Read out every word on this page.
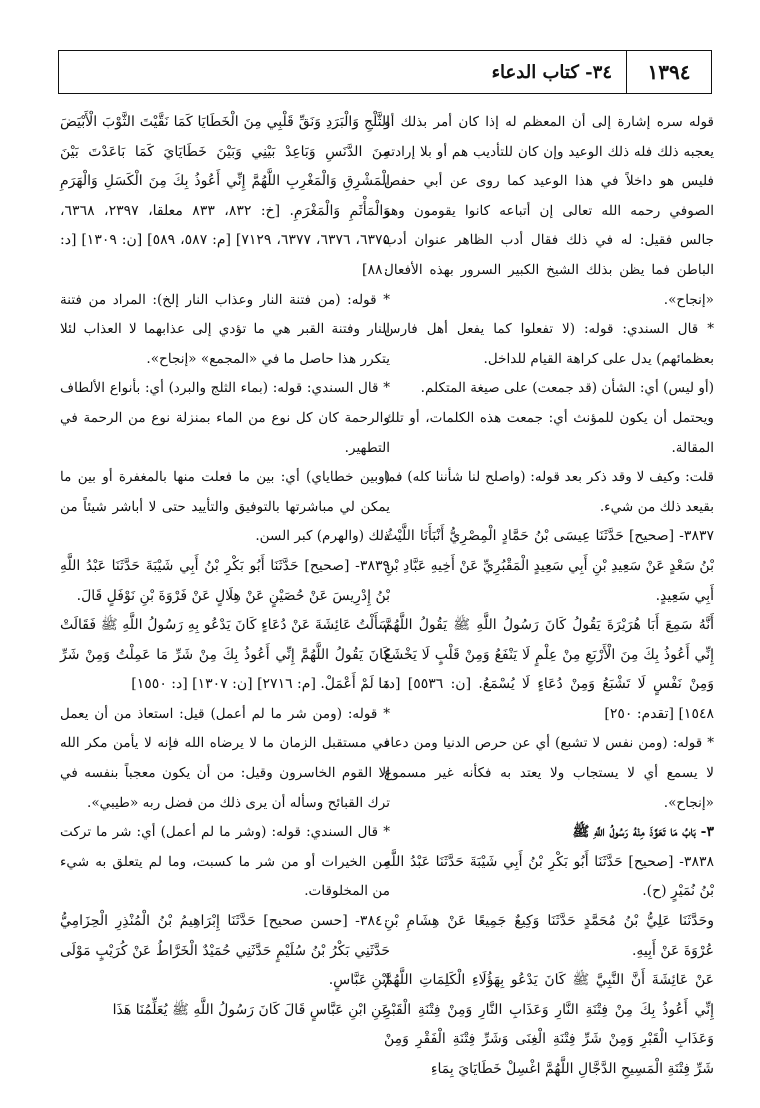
١٣٩٤
٣٤- كتاب الدعاء

قوله سره إشارة إلى أن المعظم له إذا كان أمر بذلك أو يعجبه ذلك فله ذلك الوعيد وإن كان للتأديب هم أو بلا إرادته فليس هو داخلاً في هذا الوعيد كما روى عن أبي حفص الصوفي رحمه الله تعالى إن أتباعه كانوا يقومون وهو جالس فقيل: له في ذلك فقال أدب الظاهر عنوان أدب الباطن فما يظن بذلك الشيخ الكبير السرور بهذه الأفعال «إنجاح».

* قال السندي: قوله: (لا تفعلوا كما يفعل أهل فارس بعظمائهم) يدل على كراهة القيام للداخل.

(أو ليس) أي: الشأن (قد جمعت) على صيغة المتكلم.

ويحتمل أن يكون للمؤنث أي: جمعت هذه الكلمات، أو تلك المقالة.

قلت: وكيف لا وقد ذكر بعد قوله: (واصلح لنا شأننا كله) فما بقيعد ذلك من شيء.

٣٨٣٧- [صحيح] حَدَّثَنَا عِيسَى بْنُ حَمَّادٍ الْمِصْرِيُّ أَنْبَأَنَا اللَّيْثُ بْنُ سَعْدٍ عَنْ سَعِيدِ بْنِ أَبِي سَعِيدٍ الْمَقْبُرِيِّ عَنْ أَخِيهِ عَبَّادِ بْنِ أَبِي سَعِيدٍ.

أَنَّهُ سَمِعَ أَبَا هُرَيْرَةَ يَقُولُ كَانَ رَسُولُ اللَّهِ ﷺ يَقُولُ اللَّهُمَّ إِنِّي أَعُوذُ بِكَ مِنَ الْأَرْبَعِ مِنْ عِلْمٍ لَا يَنْفَعُ وَمِنْ قَلْبٍ لَا يَخْشَعُ وَمِنْ نَفْسٍ لَا تَشْبَعُ وَمِنْ دُعَاءٍ لَا يُسْمَعُ. [ن: ٥٥٣٦] [د: ١٥٤٨] [تقدم: ٢٥٠]

* قوله: (ومن نفس لا تشبع) أي عن حرص الدنيا ومن دعاء لا يسمع أي لا يستجاب ولا يعتد به فكأنه غير مسموع «إنجاح».

٣- بَابُ مَا تَعَوَّذَ مِنْهُ رَسُولُ اللَّهِ ﷺ

٣٨٣٨- [صحيح] حَدَّثَنَا أَبُو بَكْرِ بْنُ أَبِي شَيْبَةَ حَدَّثَنَا عَبْدُ اللَّهِ بْنُ نُمَيْرٍ (ح).

وحَدَّثَنَا عَلِيُّ بْنُ مُحَمَّدٍ حَدَّثَنَا وَكِيعٌ جَمِيعًا عَنْ هِشَامِ بْنِ عُرْوَةَ عَنْ أَبِيهِ.

عَنْ عَائِشَةَ أَنَّ النَّبِيَّ ﷺ كَانَ يَدْعُو بِهَؤُلَاءِ الْكَلِمَاتِ اللَّهُمَّ إِنِّي أَعُوذُ بِكَ مِنْ فِتْنَةِ النَّارِ وَعَذَابِ النَّارِ وَمِنْ فِتْنَةِ الْقَبْرِ وَعَذَابِ الْقَبْرِ وَمِنْ شَرِّ فِتْنَةِ الْغِنَى وَشَرِّ فِتْنَةِ الْفَقْرِ وَمِنْ شَرِّ فِتْنَةِ الْمَسِيحِ الدَّجَّالِ اللَّهُمَّ اغْسِلْ خَطَايَايَ بِمَاءِ

الثَّلْجِ وَالْبَرَدِ وَنَقِّ قَلْبِي مِنَ الْخَطَايَا كَمَا نَقَّيْتَ الثَّوْبَ الْأَبْيَضَ مِنَ الدَّنَسِ وَبَاعِدْ بَيْنِي وَبَيْنَ خَطَايَايَ كَمَا بَاعَدْتَ بَيْنَ الْمَشْرِقِ وَالْمَغْرِبِ اللَّهُمَّ إِنِّي أَعُوذُ بِكَ مِنَ الْكَسَلِ وَالْهَرَمِ وَالْمَأْثَمِ وَالْمَغْرَمِ. [خ: ٨٣٢، ٨٣٣ معلقا، ٢٣٩٧، ٦٣٦٨، ٦٣٧٥، ٦٣٧٦، ٦٣٧٧، ٧١٢٩] [م: ٥٨٧، ٥٨٩] [ن: ١٣٠٩] [د: ٨٨٠]

* قوله: (من فتنة النار وعذاب النار إلخ): المراد من فتنة النار وفتنة القبر هي ما تؤدي إلى عذابهما لا العذاب لئلا يتكرر هذا حاصل ما في «المجمع» «إنجاح».

* قال السندي: قوله: (بماء الثلج والبرد) أي: بأنواع الألطاف والرحمة كان كل نوع من الماء بمنزلة نوع من الرحمة في التطهير.

(وبين خطاياي) أي: بين ما فعلت منها بالمغفرة أو بين ما يمكن لي مباشرتها بالتوفيق والتأييد حتى لا أباشر شيئاً من ذلك (والهرم) كبر السن.

٣٨٣٩- [صحيح] حَدَّثَنَا أَبُو بَكْرِ بْنُ أَبِي شَيْبَةَ حَدَّثَنَا عَبْدُ اللَّهِ بْنُ إِدْرِيسَ عَنْ حُصَيْنٍ عَنْ هِلَالٍ عَنْ فَرْوَةَ بْنِ نَوْفَلٍ قَالَ.

سَأَلْتُ عَائِشَةَ عَنْ دُعَاءٍ كَانَ يَدْعُو بِهِ رَسُولُ اللَّهِ ﷺ فَقَالَتْ كَانَ يَقُولُ اللَّهُمَّ إِنِّي أَعُوذُ بِكَ مِنْ شَرِّ مَا عَمِلْتُ وَمِنْ شَرِّ مَا لَمْ أَعْمَلْ. [م: ٢٧١٦] [ن: ١٣٠٧] [د: ١٥٥٠]

* قوله: (ومن شر ما لم أعمل) قيل: استعاذ من أن يعمل في مستقبل الزمان ما لا يرضاه الله فإنه لا يأمن مكر الله إلا القوم الخاسرون وقيل: من أن يكون معجباً بنفسه في ترك القبائح وسأله أن يرى ذلك من فضل ربه «طيبي».

* قال السندي: قوله: (وشر ما لم أعمل) أي: شر ما تركت من الخيرات أو من شر ما كسبت، وما لم يتعلق به شيء من المخلوقات.

٣٨٤٠- [حسن صحيح] حَدَّثَنَا إِبْرَاهِيمُ بْنُ الْمُنْذِرِ الْحِزَامِيُّ حَدَّثَنِي بَكْرُ بْنُ سُلَيْمٍ حَدَّثَنِي حُمَيْدٌ الْخَرَّاطُ عَنْ كُرَيْبٍ مَوْلَى ابْنِ عَبَّاسٍ.

عَنِ ابْنِ عَبَّاسٍ قَالَ كَانَ رَسُولُ اللَّهِ ﷺ يُعَلِّمُنَا هَذَا
